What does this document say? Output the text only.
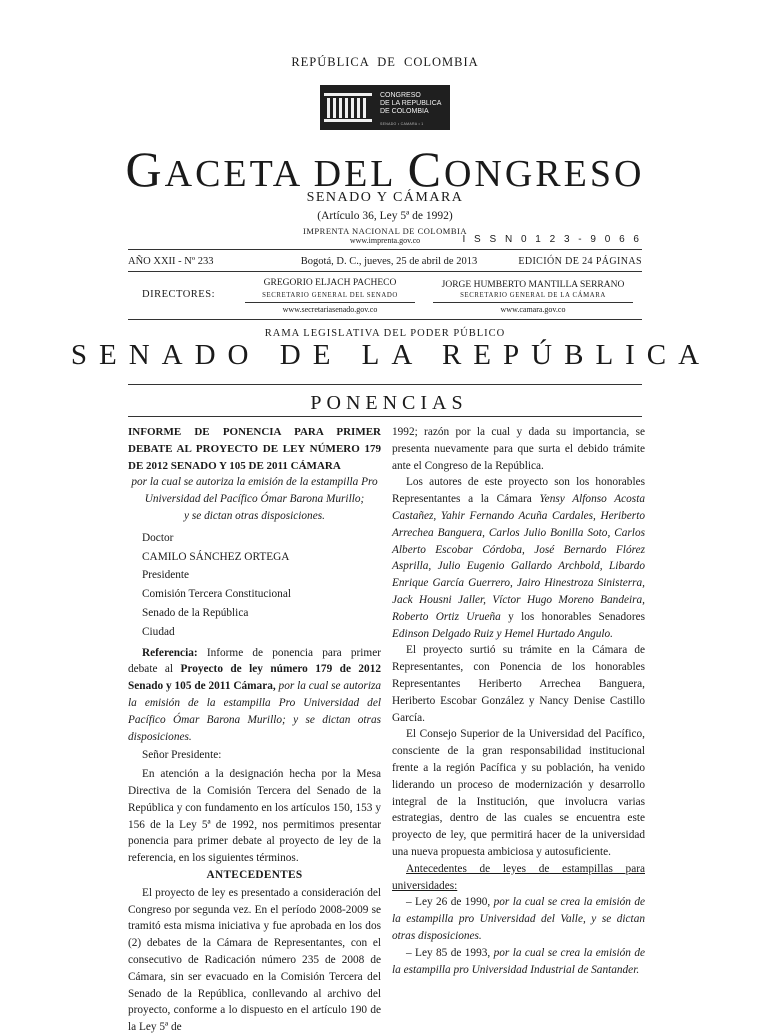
REPÚBLICA DE COLOMBIA
CONGRESO
DE LA REPUBLICA
DE COLOMBIA
SENADO • CAMARA • 1
GACETA DEL CONGRESO
SENADO Y CÁMARA
(Artículo 36, Ley 5ª de 1992)
IMPRENTA NACIONAL DE COLOMBIA
www.imprenta.gov.co	I S S N 0 1 2 3 - 9 0 6 6
AÑO XXII - Nº 233	Bogotá, D. C., jueves, 25 de abril de 2013	EDICIÓN DE 24 PÁGINAS
DIRECTORES:
GREGORIO ELJACH PACHECO
SECRETARIO GENERAL DEL SENADO
www.secretariasenado.gov.co
JORGE HUMBERTO MANTILLA SERRANO
SECRETARIO GENERAL DE LA CÁMARA
www.camara.gov.co
RAMA LEGISLATIVA DEL PODER PÚBLICO
SENADO DE LA REPÚBLICA
PONENCIAS

INFORME DE PONENCIA PARA PRIMER DEBATE AL PROYECTO DE LEY NÚMERO 179 DE 2012 SENADO Y 105 DE 2011 CÁMARA

por la cual se autoriza la emisión de la estampilla Pro Universidad del Pacífico Ómar Barona Murillo;

y se dictan otras disposiciones.

Doctor

CAMILO SÁNCHEZ ORTEGA

Presidente

Comisión Tercera Constitucional

Senado de la República

Ciudad

Referencia: Informe de ponencia para primer debate al Proyecto de ley número 179 de 2012 Senado y 105 de 2011 Cámara, por la cual se autoriza la emisión de la estampilla Pro Universidad del Pacífico Ómar Barona Murillo; y se dictan otras disposiciones.

Señor Presidente:

En atención a la designación hecha por la Mesa Directiva de la Comisión Tercera del Senado de la República y con fundamento en los artículos 150, 153 y 156 de la Ley 5ª de 1992, nos permitimos presentar ponencia para primer debate al proyecto de ley de la referencia, en los siguientes términos.

ANTECEDENTES

El proyecto de ley es presentado a consideración del Congreso por segunda vez. En el período 2008-2009 se tramitó esta misma iniciativa y fue aprobada en los dos (2) debates de la Cámara de Representantes, con el consecutivo de Radicación número 235 de 2008 de Cámara, sin ser evacuado en la Comisión Tercera del Senado de la República, conllevando al archivo del proyecto, conforme a lo dispuesto en el artículo 190 de la Ley 5ª de

1992; razón por la cual y dada su importancia, se presenta nuevamente para que surta el debido trámite ante el Congreso de la República.

Los autores de este proyecto son los honorables Representantes a la Cámara Yensy Alfonso Acosta Castañez, Yahir Fernando Acuña Cardales, Heriberto Arrechea Banguera, Carlos Julio Bonilla Soto, Carlos Alberto Escobar Córdoba, José Bernardo Flórez Asprilla, Julio Eugenio Gallardo Archbold, Libardo Enrique García Guerrero, Jairo Hinestroza Sinisterra, Jack Housni Jaller, Víctor Hugo Moreno Bandeira, Roberto Ortiz Urueña y los honorables Senadores Edinson Delgado Ruiz y Hemel Hurtado Angulo.

El proyecto surtió su trámite en la Cámara de Representantes, con Ponencia de los honorables Representantes Heriberto Arrechea Banguera, Heriberto Escobar González y Nancy Denise Castillo García.

El Consejo Superior de la Universidad del Pacífico, consciente de la gran responsabilidad institucional frente a la región Pacífica y su población, ha venido liderando un proceso de modernización y desarrollo integral de la Institución, que involucra varias estrategias, dentro de las cuales se encuentra este proyecto de ley, que permitirá hacer de la universidad una nueva propuesta ambiciosa y autosuficiente.

Antecedentes de leyes de estampillas para universidades:

– Ley 26 de 1990, por la cual se crea la emisión de la estampilla pro Universidad del Valle, y se dictan otras disposiciones.

– Ley 85 de 1993, por la cual se crea la emisión de la estampilla pro Universidad Industrial de Santander.
